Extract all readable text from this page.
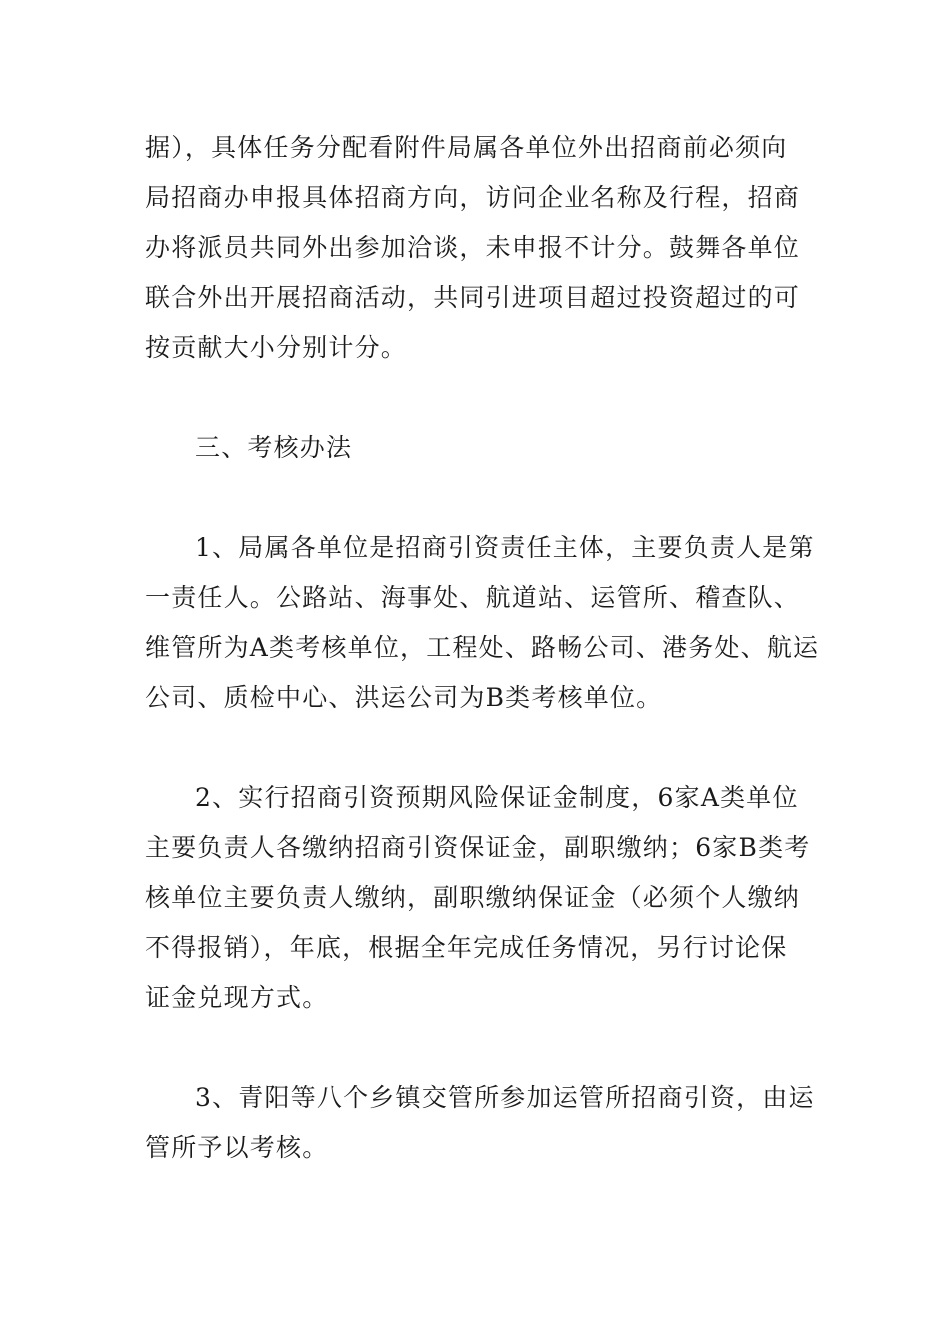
据），具体任务分配看附件局属各单位外出招商前必须向
局招商办申报具体招商方向，访问企业名称及行程，招商
办将派员共同外出参加洽谈，未申报不计分。鼓舞各单位
联合外出开展招商活动，共同引进项目超过投资超过的可
按贡献大小分别计分。
三、考核办法
1、局属各单位是招商引资责任主体，主要负责人是第
一责任人。公路站、海事处、航道站、运管所、稽查队、
维管所为A类考核单位，工程处、路畅公司、港务处、航运
公司、质检中心、洪运公司为B类考核单位。
2、实行招商引资预期风险保证金制度，6家A类单位
主要负责人各缴纳招商引资保证金，副职缴纳；6家B类考
核单位主要负责人缴纳，副职缴纳保证金（必须个人缴纳
不得报销），年底，根据全年完成任务情况，另行讨论保
证金兑现方式。
3、青阳等八个乡镇交管所参加运管所招商引资，由运
管所予以考核。
